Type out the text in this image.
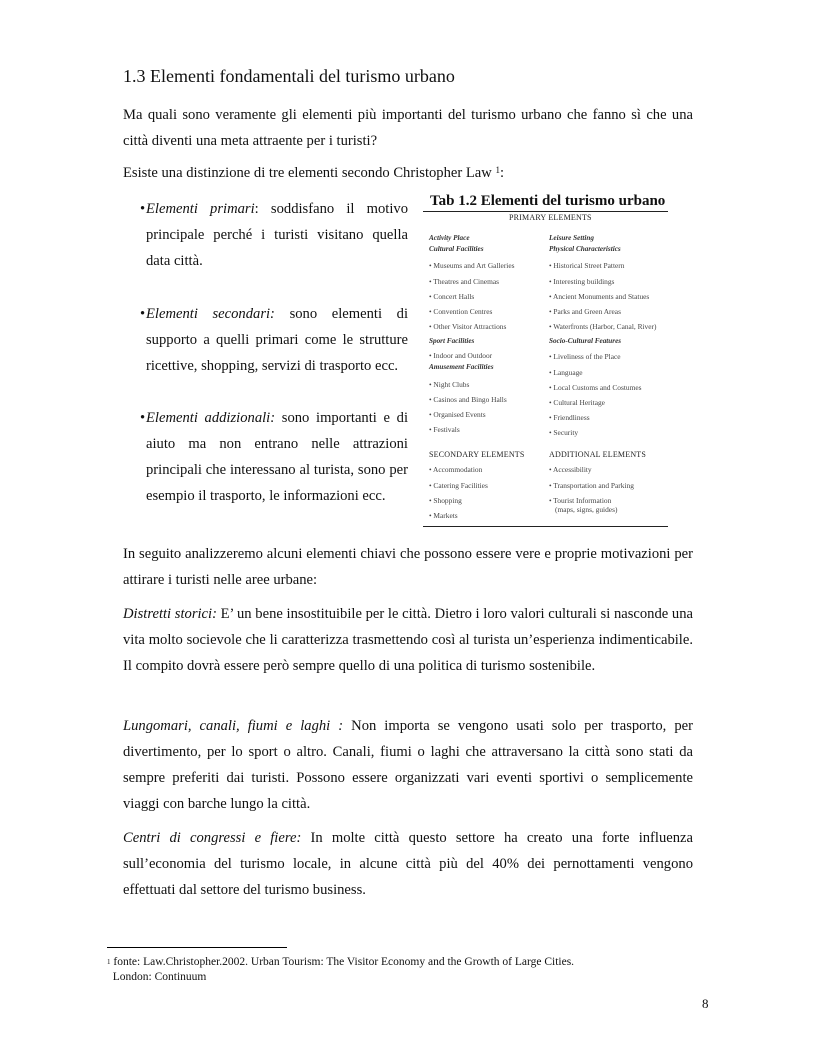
1.3 Elementi fondamentali del turismo urbano

Ma quali sono veramente gli elementi più importanti del turismo urbano che fanno sì che una città diventi una meta attraente per i turisti?

Esiste una distinzione di tre elementi secondo Christopher Law $^1$:

• Elementi primari: soddisfano il motivo principale perché i turisti visitano quella data città.
• Elementi secondari: sono elementi di supporto a quelli primari come le strutture ricettive, shopping, servizi di trasporto ecc.
• Elementi addizionali: sono importanti e di aiuto ma non entrano nelle attrazioni principali che interessano al turista, sono per esempio il trasporto, le informazioni ecc.
Tab 1.2 Elementi del turismo urbano
PRIMARY ELEMENTS
Activity Place
Cultural Facilities
• Museums and Art Galleries
• Theatres and Cinemas
• Concert Halls
• Convention Centres
• Other Visitor Attractions
Sport Facilities
• Indoor and Outdoor
Amusement Facilities
• Night Clubs
• Casinos and Bingo Halls
• Organised Events
• Festivals
Leisure Setting
Physical Characteristics
• Historical Street Pattern
• Interesting buildings
• Ancient Monuments and Statues
• Parks and Green Areas
• Waterfronts (Harbor, Canal, River)
Socio-Cultural Features
• Liveliness of the Place
• Language
• Local Customs and Costumes
• Cultural Heritage
• Friendliness
• Security
SECONDARY ELEMENTS
• Accommodation
• Catering Facilities
• Shopping
• Markets
ADDITIONAL ELEMENTS
• Accessibility
• Transportation and Parking
• Tourist Information
(maps, signs, guides)

In seguito analizzeremo alcuni elementi chiavi che possono essere vere e proprie motivazioni per attirare i turisti nelle aree urbane:

Distretti storici: E’ un bene insostituibile per le città. Dietro i loro valori culturali si nasconde una vita molto socievole che li caratterizza trasmettendo così al turista un’esperienza indimenticabile. Il compito dovrà essere però sempre quello di una politica di turismo sostenibile.

Lungomari, canali, fiumi e laghi : Non importa se vengono usati solo per trasporto, per divertimento, per lo sport o altro. Canali, fiumi o laghi che attraversano la città sono stati da sempre preferiti dai turisti. Possono essere organizzati vari eventi sportivi o semplicemente viaggi con barche lungo la città.

Centri di congressi e fiere: In molte città questo settore ha creato una forte influenza sull’economia del turismo locale, in alcune città più del 40% dei pernottamenti vengono effettuati dal settore del turismo business.

$^1$ fonte: Law.Christopher.2002. Urban Tourism: The Visitor Economy and the Growth of Large Cities.
London: Continuum

8
